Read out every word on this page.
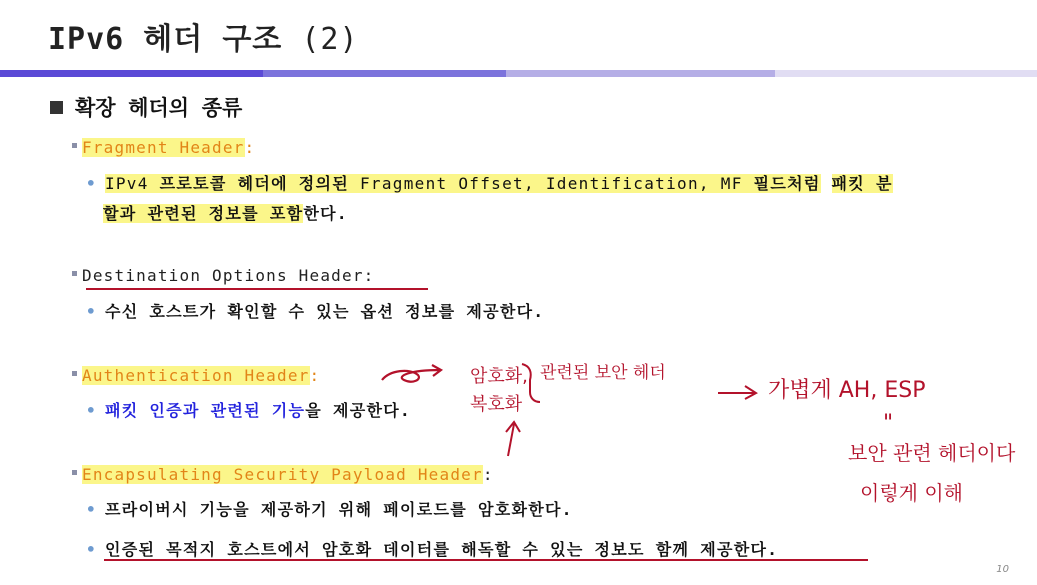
IPv6 헤더 구조 (2)
확장 헤더의 종류
Fragment Header:
• IPv4 프로토콜 헤더에 정의된 Fragment Offset, Identification, MF 필드처럼 패킷 분
할과 관련된 정보를 포함한다.
Destination Options Header:
• 수신 호스트가 확인할 수 있는 옵션 정보를 제공한다.
Authentication Header:
• 패킷 인증과 관련된 기능을 제공한다.
Encapsulating Security Payload Header:
• 프라이버시 기능을 제공하기 위해 페이로드를 암호화한다.
• 인증된 목적지 호스트에서 암호화 데이터를 해독할 수 있는 정보도 함께 제공한다.
암호화,
복호화
관련된 보안 헤더
가볍게 AH, ESP
"
보안 관련 헤더이다
이렇게 이해
10
